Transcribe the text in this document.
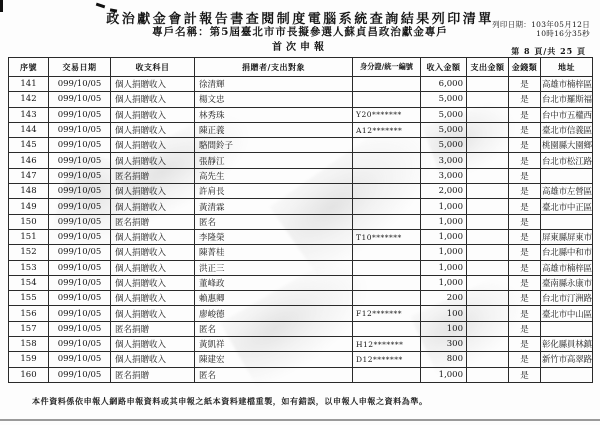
政治獻金會計報告書查閱制度電腦系統查詢結果列印清單
專戶名稱：第5屆臺北市市長擬參選人蘇貞昌政治獻金專戶
首次申報
列印日期：103年05月12日
10時16分35秒
第 8 頁/共 25 頁
序號	交易日期	收支科目	捐贈者/支出對象	身分證/統一編號	收入金額	支出金額	金錢類	地址
141	099/10/05	個人捐贈收入	徐清輝		6,000		是	高雄市楠梓區
142	099/10/05	個人捐贈收入	楊文忠		5,000		是	台北市羅斯福
143	099/10/05	個人捐贈收入	林秀珠	Y20*******	5,000		是	台中市五權西
144	099/10/05	個人捐贈收入	陳正義	A12*******	5,000		是	臺北市信義區
145	099/10/05	個人捐贈收入	駱間鈴子		5,000		是	桃園縣大園鄉
146	099/10/05	個人捐贈收入	張靜江		3,000		是	台北市松江路
147	099/10/05	匿名捐贈	高先生		3,000		是	
148	099/10/05	個人捐贈收入	許肩長		2,000		是	高雄市左營區
149	099/10/05	個人捐贈收入	黃清霖		1,000		是	臺北市中正區
150	099/10/05	匿名捐贈	匿名		1,000		是	
151	099/10/05	個人捐贈收入	李隆榮	T10*******	1,000		是	屏東縣屏東市
152	099/10/05	個人捐贈收入	陳菁桂		1,000		是	台北縣中和市
153	099/10/05	個人捐贈收入	洪正三		1,000		是	高雄市楠梓區
154	099/10/05	個人捐贈收入	董峰政		1,000		是	臺南縣永康市
155	099/10/05	個人捐贈收入	賴惠卿		200		是	台北市汀洲路
156	099/10/05	個人捐贈收入	廖峻德	F12*******	100		是	臺北市中山區
157	099/10/05	匿名捐贈	匿名		100		是	
158	099/10/05	個人捐贈收入	黃凱祥	H12*******	300		是	彰化縣員林鎮
159	099/10/05	個人捐贈收入	陳建宏	D12*******	800		是	新竹市高翠路
160	099/10/05	匿名捐贈	匿名		1,000		是	
本件資料係依申報人網路申報資料或其申報之紙本資料建檔重製，如有錯誤，以申報人申報之資料為準。
